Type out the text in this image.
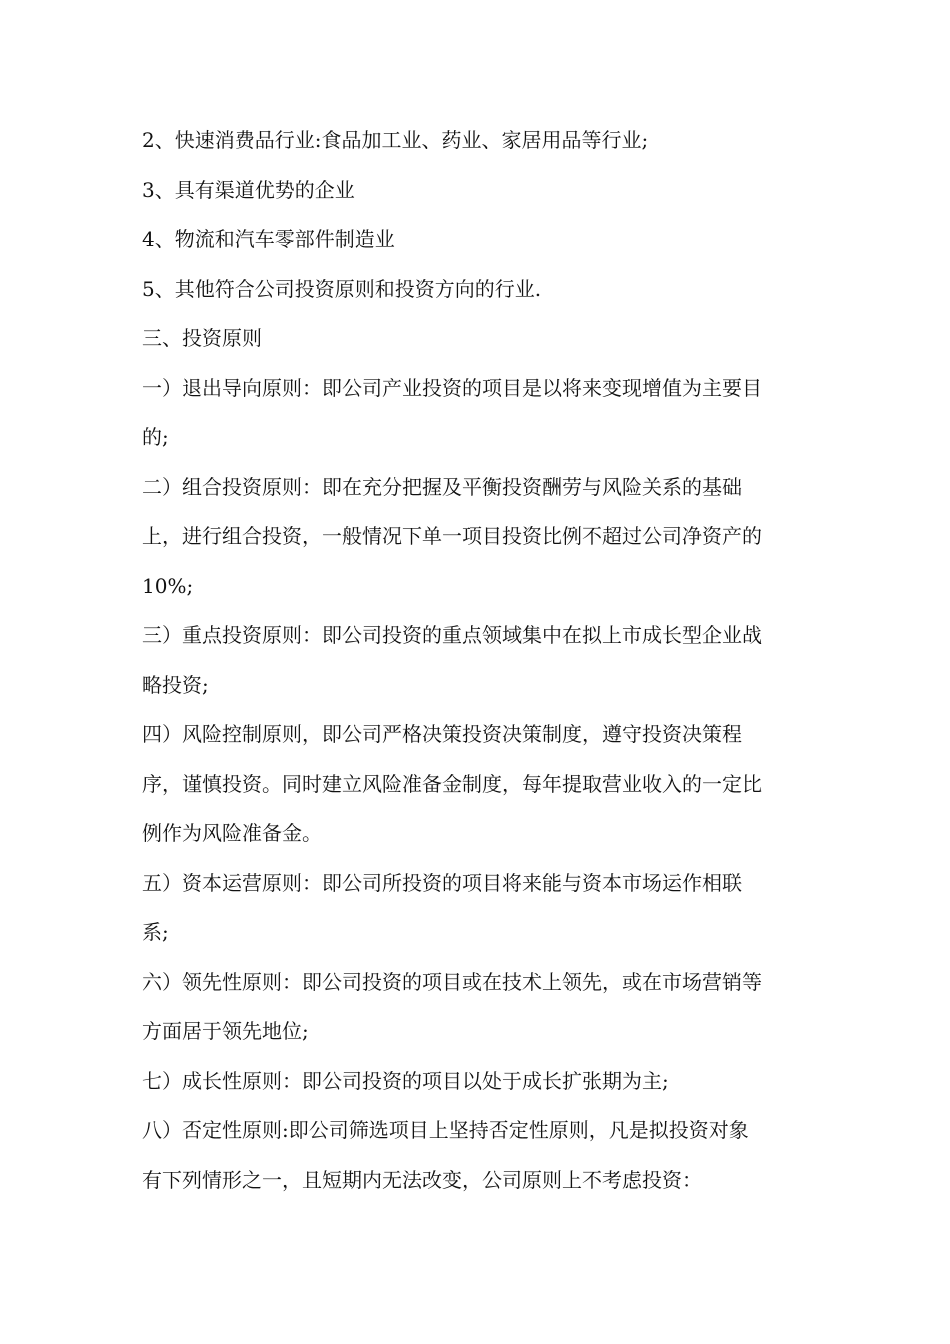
2、快速消费品行业:食品加工业、药业、家居用品等行业;

3、具有渠道优势的企业

4、物流和汽车零部件制造业

5、其他符合公司投资原则和投资方向的行业.

三、投资原则

一）退出导向原则：即公司产业投资的项目是以将来变现增值为主要目

的;

二）组合投资原则：即在充分把握及平衡投资酬劳与风险关系的基础

上，进行组合投资，一般情况下单一项目投资比例不超过公司净资产的

10%;

三）重点投资原则：即公司投资的重点领域集中在拟上市成长型企业战

略投资;

四）风险控制原则，即公司严格决策投资决策制度，遵守投资决策程

序，谨慎投资。同时建立风险准备金制度，每年提取营业收入的一定比

例作为风险准备金。

五）资本运营原则：即公司所投资的项目将来能与资本市场运作相联

系;

六）领先性原则：即公司投资的项目或在技术上领先，或在市场营销等

方面居于领先地位;

七）成长性原则：即公司投资的项目以处于成长扩张期为主;

八）否定性原则:即公司筛选项目上坚持否定性原则，凡是拟投资对象

有下列情形之一，且短期内无法改变，公司原则上不考虑投资：
